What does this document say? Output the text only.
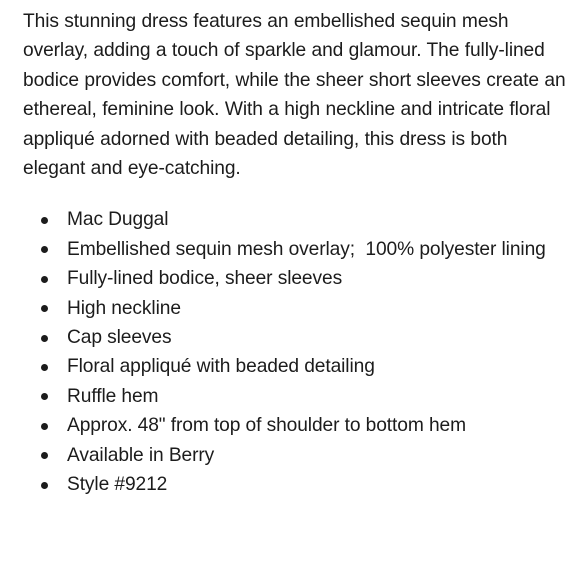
This stunning dress features an embellished sequin mesh overlay, adding a touch of sparkle and glamour. The fully-lined bodice provides comfort, while the sheer short sleeves create an ethereal, feminine look. With a high neckline and intricate floral appliqué adorned with beaded detailing, this dress is both elegant and eye-catching.

Mac Duggal
Embellished sequin mesh overlay;  100% polyester lining
Fully-lined bodice, sheer sleeves
High neckline
Cap sleeves
Floral appliqué with beaded detailing
Ruffle hem
Approx. 48" from top of shoulder to bottom hem
Available in Berry
Style #9212
